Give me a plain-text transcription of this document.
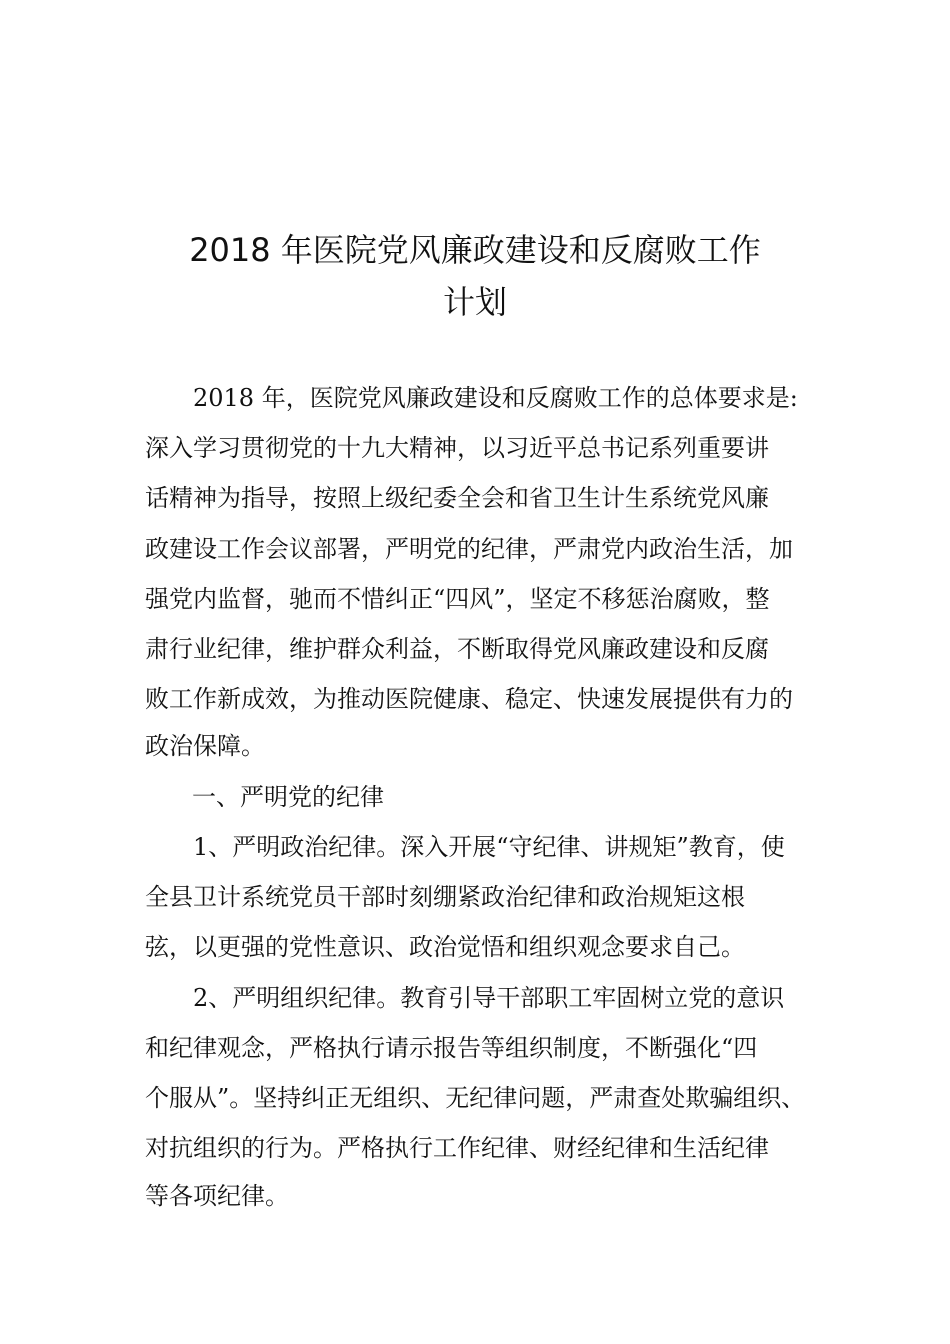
2018 年医院党风廉政建设和反腐败工作
计划
2018 年，医院党风廉政建设和反腐败工作的总体要求是:
深入学习贯彻党的十九大精神，以习近平总书记系列重要讲
话精神为指导，按照上级纪委全会和省卫生计生系统党风廉
政建设工作会议部署，严明党的纪律，严肃党内政治生活，加
强党内监督，驰而不惜纠正“四风”，坚定不移惩治腐败，整
肃行业纪律，维护群众利益，不断取得党风廉政建设和反腐
败工作新成效，为推动医院健康、稳定、快速发展提供有力的
政治保障。
一、严明党的纪律
1、严明政治纪律。深入开展“守纪律、讲规矩”教育，使
全县卫计系统党员干部时刻绷紧政治纪律和政治规矩这根
弦，以更强的党性意识、政治觉悟和组织观念要求自己。
2、严明组织纪律。教育引导干部职工牢固树立党的意识
和纪律观念，严格执行请示报告等组织制度，不断强化“四
个服从”。坚持纠正无组织、无纪律问题，严肃查处欺骗组织、
对抗组织的行为。严格执行工作纪律、财经纪律和生活纪律
等各项纪律。
